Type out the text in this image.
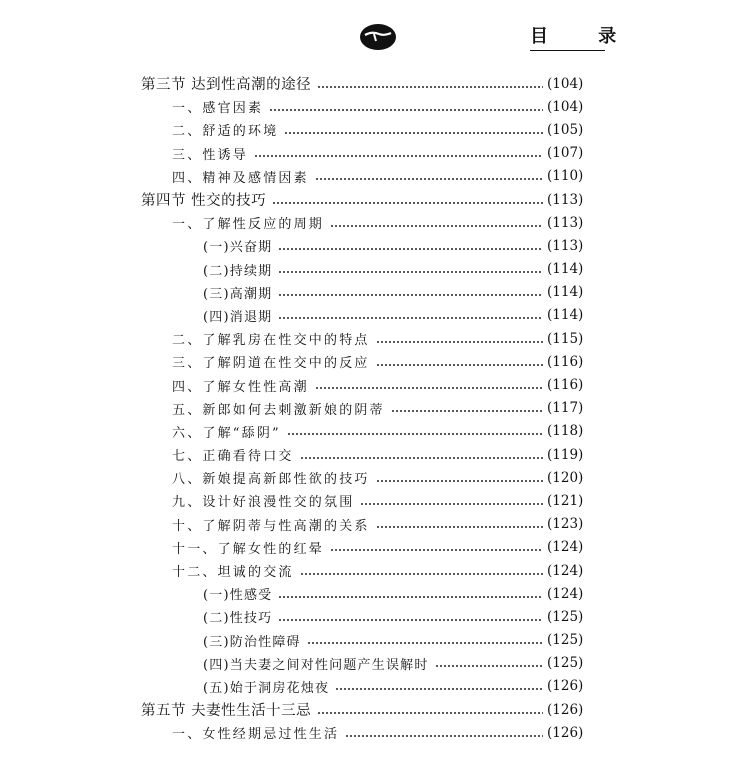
目 录
第三节 达到性高潮的途径	(104)
一、感官因素	(104)
二、舒适的环境	(105)
三、性诱导	(107)
四、精神及感情因素	(110)
第四节 性交的技巧	(113)
一、了解性反应的周期	(113)
(一)兴奋期	(113)
(二)持续期	(114)
(三)高潮期	(114)
(四)消退期	(114)
二、了解乳房在性交中的特点	(115)
三、了解阴道在性交中的反应	(116)
四、了解女性性高潮	(116)
五、新郎如何去刺激新娘的阴蒂	(117)
六、了解“舔阴”	(118)
七、正确看待口交	(119)
八、新娘提高新郎性欲的技巧	(120)
九、设计好浪漫性交的氛围	(121)
十、了解阴蒂与性高潮的关系	(123)
十一、了解女性的红晕	(124)
十二、坦诚的交流	(124)
(一)性感受	(124)
(二)性技巧	(125)
(三)防治性障碍	(125)
(四)当夫妻之间对性问题产生误解时	(125)
(五)始于洞房花烛夜	(126)
第五节 夫妻性生活十三忌	(126)
一、女性经期忌过性生活	(126)
